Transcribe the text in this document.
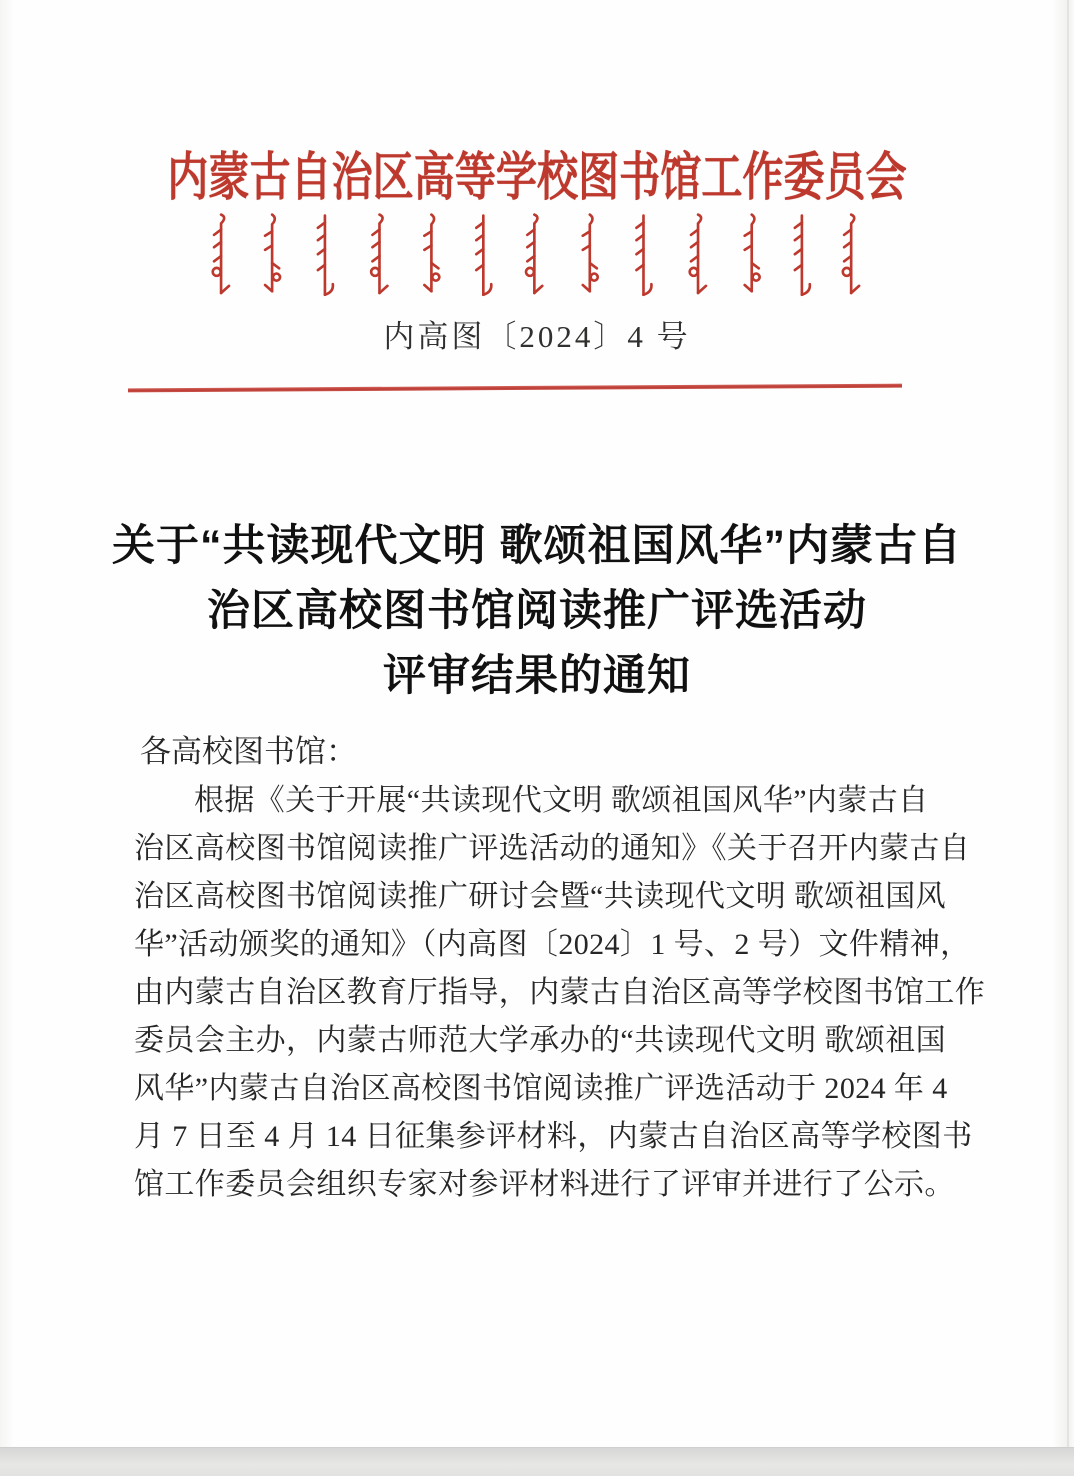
内蒙古自治区高等学校图书馆工作委员会
内高图〔2024〕4 号
关于“共读现代文明 歌颂祖国风华”内蒙古自
治区高校图书馆阅读推广评选活动
评审结果的通知
各高校图书馆：
根据《关于开展“共读现代文明 歌颂祖国风华”内蒙古自
治区高校图书馆阅读推广评选活动的通知》《关于召开内蒙古自
治区高校图书馆阅读推广研讨会暨“共读现代文明 歌颂祖国风
华”活动颁奖的通知》（内高图〔2024〕1 号、2 号）文件精神，
由内蒙古自治区教育厅指导，内蒙古自治区高等学校图书馆工作
委员会主办，内蒙古师范大学承办的“共读现代文明 歌颂祖国
风华”内蒙古自治区高校图书馆阅读推广评选活动于 2024 年 4
月 7 日至 4 月 14 日征集参评材料，内蒙古自治区高等学校图书
馆工作委员会组织专家对参评材料进行了评审并进行了公示。
